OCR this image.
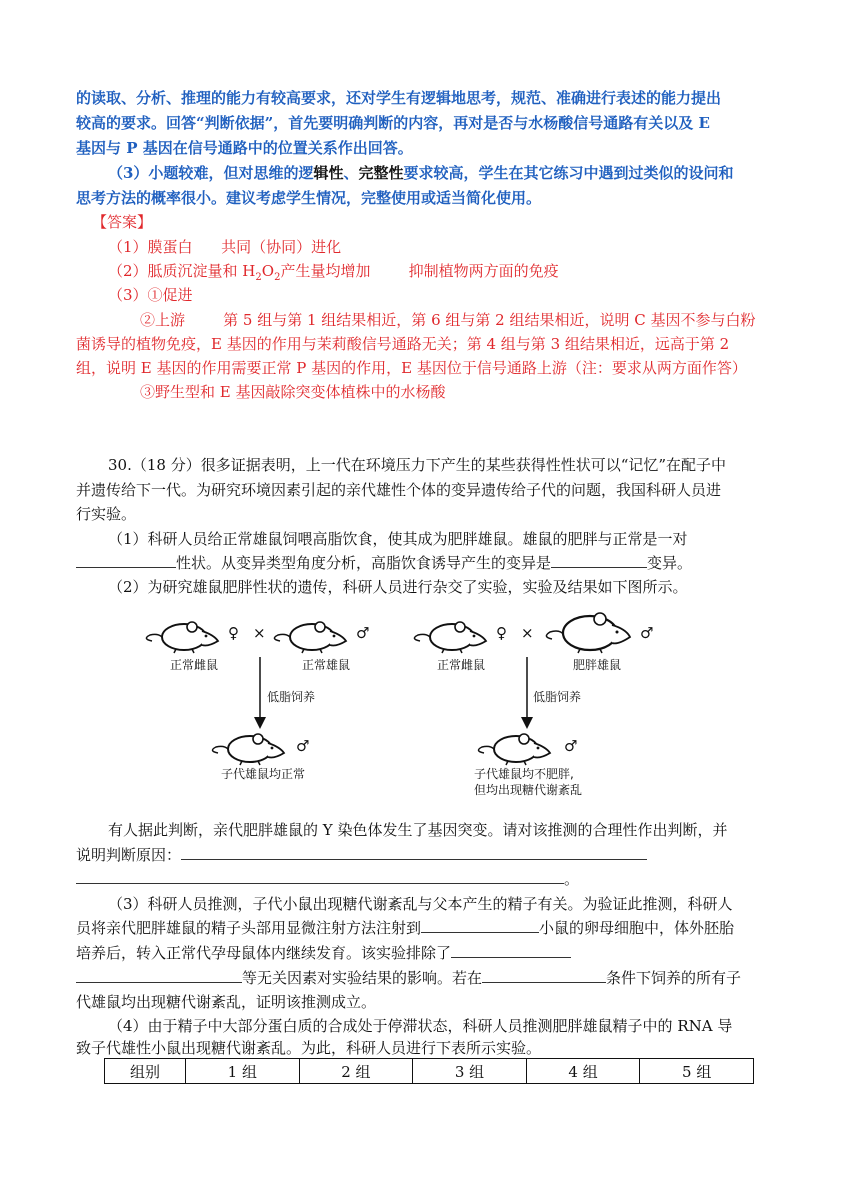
的读取、分析、推理的能力有较高要求，还对学生有逻辑地思考，规范、准确进行表述的能力提出
较高的要求。回答“判断依据”，首先要明确判断的内容，再对是否与水杨酸信号通路有关以及 E
基因与 P 基因在信号通路中的位置关系作出回答。
（3）小题较难，但对思维的逻辑性、完整性要求较高，学生在其它练习中遇到过类似的设问和
思考方法的概率很小。建议考虑学生情况，完整使用或适当简化使用。
【答案】
（1）膜蛋白      共同（协同）进化
（2）胝质沉淀量和 $H_2O_2$产生量均增加        抑制植物两方面的免疫
（3）①促进
②上游        第 5 组与第 1 组结果相近，第 6 组与第 2 组结果相近，说明 C 基因不参与白粉
菌诱导的植物免疫，E 基因的作用与茉莉酸信号通路无关；第 4 组与第 3 组结果相近，远高于第 2
组，说明 E 基因的作用需要正常 P 基因的作用，E 基因位于信号通路上游（注：要求从两方面作答）
③野生型和 E 基因敲除突变体植株中的水杨酸
30.（18 分）很多证据表明，上一代在环境压力下产生的某些获得性性状可以“记忆”在配子中
并遗传给下一代。为研究环境因素引起的亲代雄性个体的变异遗传给子代的问题，我国科研人员进
行实验。
（1）科研人员给正常雄鼠饲喂高脂饮食，使其成为肥胖雄鼠。雄鼠的肥胖与正常是一对
性状。从变异类型角度分析，高脂饮食诱导产生的变异是	变异。
（2）为研究雄鼠肥胖性状的遗传，科研人员进行杂交了实验，实验及结果如下图所示。
♀ ×	♂
♂
♀ ×	♂
♂
正常雌鼠	正常雄鼠
低脂饲养
子代雄鼠均正常
正常雌鼠	肥胖雄鼠
低脂饲养
子代雄鼠均不肥胖,
但均出现糖代谢紊乱
有人据此判断，亲代肥胖雄鼠的 Y 染色体发生了基因突变。请对该推测的合理性作出判断，并
说明判断原因：
。
（3）科研人员推测，子代小鼠出现糖代谢紊乱与父本产生的精子有关。为验证此推测，科研人
员将亲代肥胖雄鼠的精子头部用显微注射方法注射到	小鼠的卵母细胞中，体外胚胎
培养后，转入正常代孕母鼠体内继续发育。该实验排除了
等无关因素对实验结果的影响。若在	条件下饲养的所有子
代雄鼠均出现糖代谢紊乱，证明该推测成立。
（4）由于精子中大部分蛋白质的合成处于停滞状态，科研人员推测肥胖雄鼠精子中的 RNA 导
致子代雄性小鼠出现糖代谢紊乱。为此，科研人员进行下表所示实验。
组别	1 组	2 组	3 组	4 组	5 组
